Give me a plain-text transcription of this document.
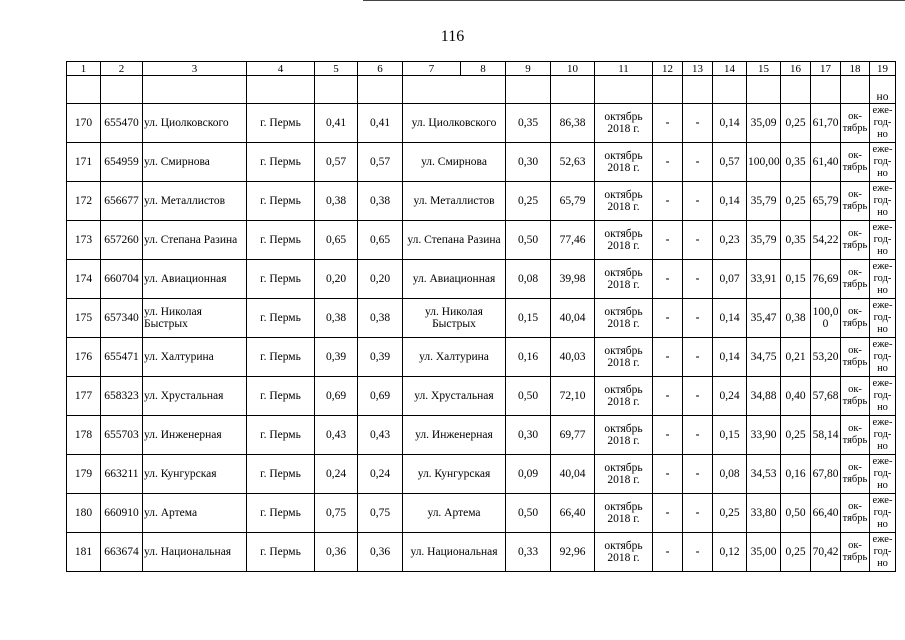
116
1	2	3	4	5	6	7	8	9	10	11	12	13	14	15	16	17	18	19
																		но
170	655470	ул. Циолковского	г. Пермь	0,41	0,41	ул. Циолковского		0,35	86,38	октябрь 2018 г.	-	-	0,14	35,09	0,25	61,70	ок-тябрь	еже-год-но
171	654959	ул. Смирнова	г. Пермь	0,57	0,57	ул. Смирнова		0,30	52,63	октябрь 2018 г.	-	-	0,57	100,00	0,35	61,40	ок-тябрь	еже-год-но
172	656677	ул. Металлистов	г. Пермь	0,38	0,38	ул. Металлистов		0,25	65,79	октябрь 2018 г.	-	-	0,14	35,79	0,25	65,79	ок-тябрь	еже-год-но
173	657260	ул. Степана Разина	г. Пермь	0,65	0,65	ул. Степана Разина		0,50	77,46	октябрь 2018 г.	-	-	0,23	35,79	0,35	54,22	ок-тябрь	еже-год-но
174	660704	ул. Авиационная	г. Пермь	0,20	0,20	ул. Авиационная		0,08	39,98	октябрь 2018 г.	-	-	0,07	33,91	0,15	76,69	ок-тябрь	еже-год-но
175	657340	ул. Николая Быстрых	г. Пермь	0,38	0,38	ул. Николая Быстрых		0,15	40,04	октябрь 2018 г.	-	-	0,14	35,47	0,38	100,0 0	ок-тябрь	еже-год-но
176	655471	ул. Халтурина	г. Пермь	0,39	0,39	ул. Халтурина		0,16	40,03	октябрь 2018 г.	-	-	0,14	34,75	0,21	53,20	ок-тябрь	еже-год-но
177	658323	ул. Хрустальная	г. Пермь	0,69	0,69	ул. Хрустальная		0,50	72,10	октябрь 2018 г.	-	-	0,24	34,88	0,40	57,68	ок-тябрь	еже-год-но
178	655703	ул. Инженерная	г. Пермь	0,43	0,43	ул. Инженерная		0,30	69,77	октябрь 2018 г.	-	-	0,15	33,90	0,25	58,14	ок-тябрь	еже-год-но
179	663211	ул. Кунгурская	г. Пермь	0,24	0,24	ул. Кунгурская		0,09	40,04	октябрь 2018 г.	-	-	0,08	34,53	0,16	67,80	ок-тябрь	еже-год-но
180	660910	ул. Артема	г. Пермь	0,75	0,75	ул. Артема		0,50	66,40	октябрь 2018 г.	-	-	0,25	33,80	0,50	66,40	ок-тябрь	еже-год-но
181	663674	ул. Национальная	г. Пермь	0,36	0,36	ул. Национальная		0,33	92,96	октябрь 2018 г.	-	-	0,12	35,00	0,25	70,42	ок-тябрь	еже-год-но
